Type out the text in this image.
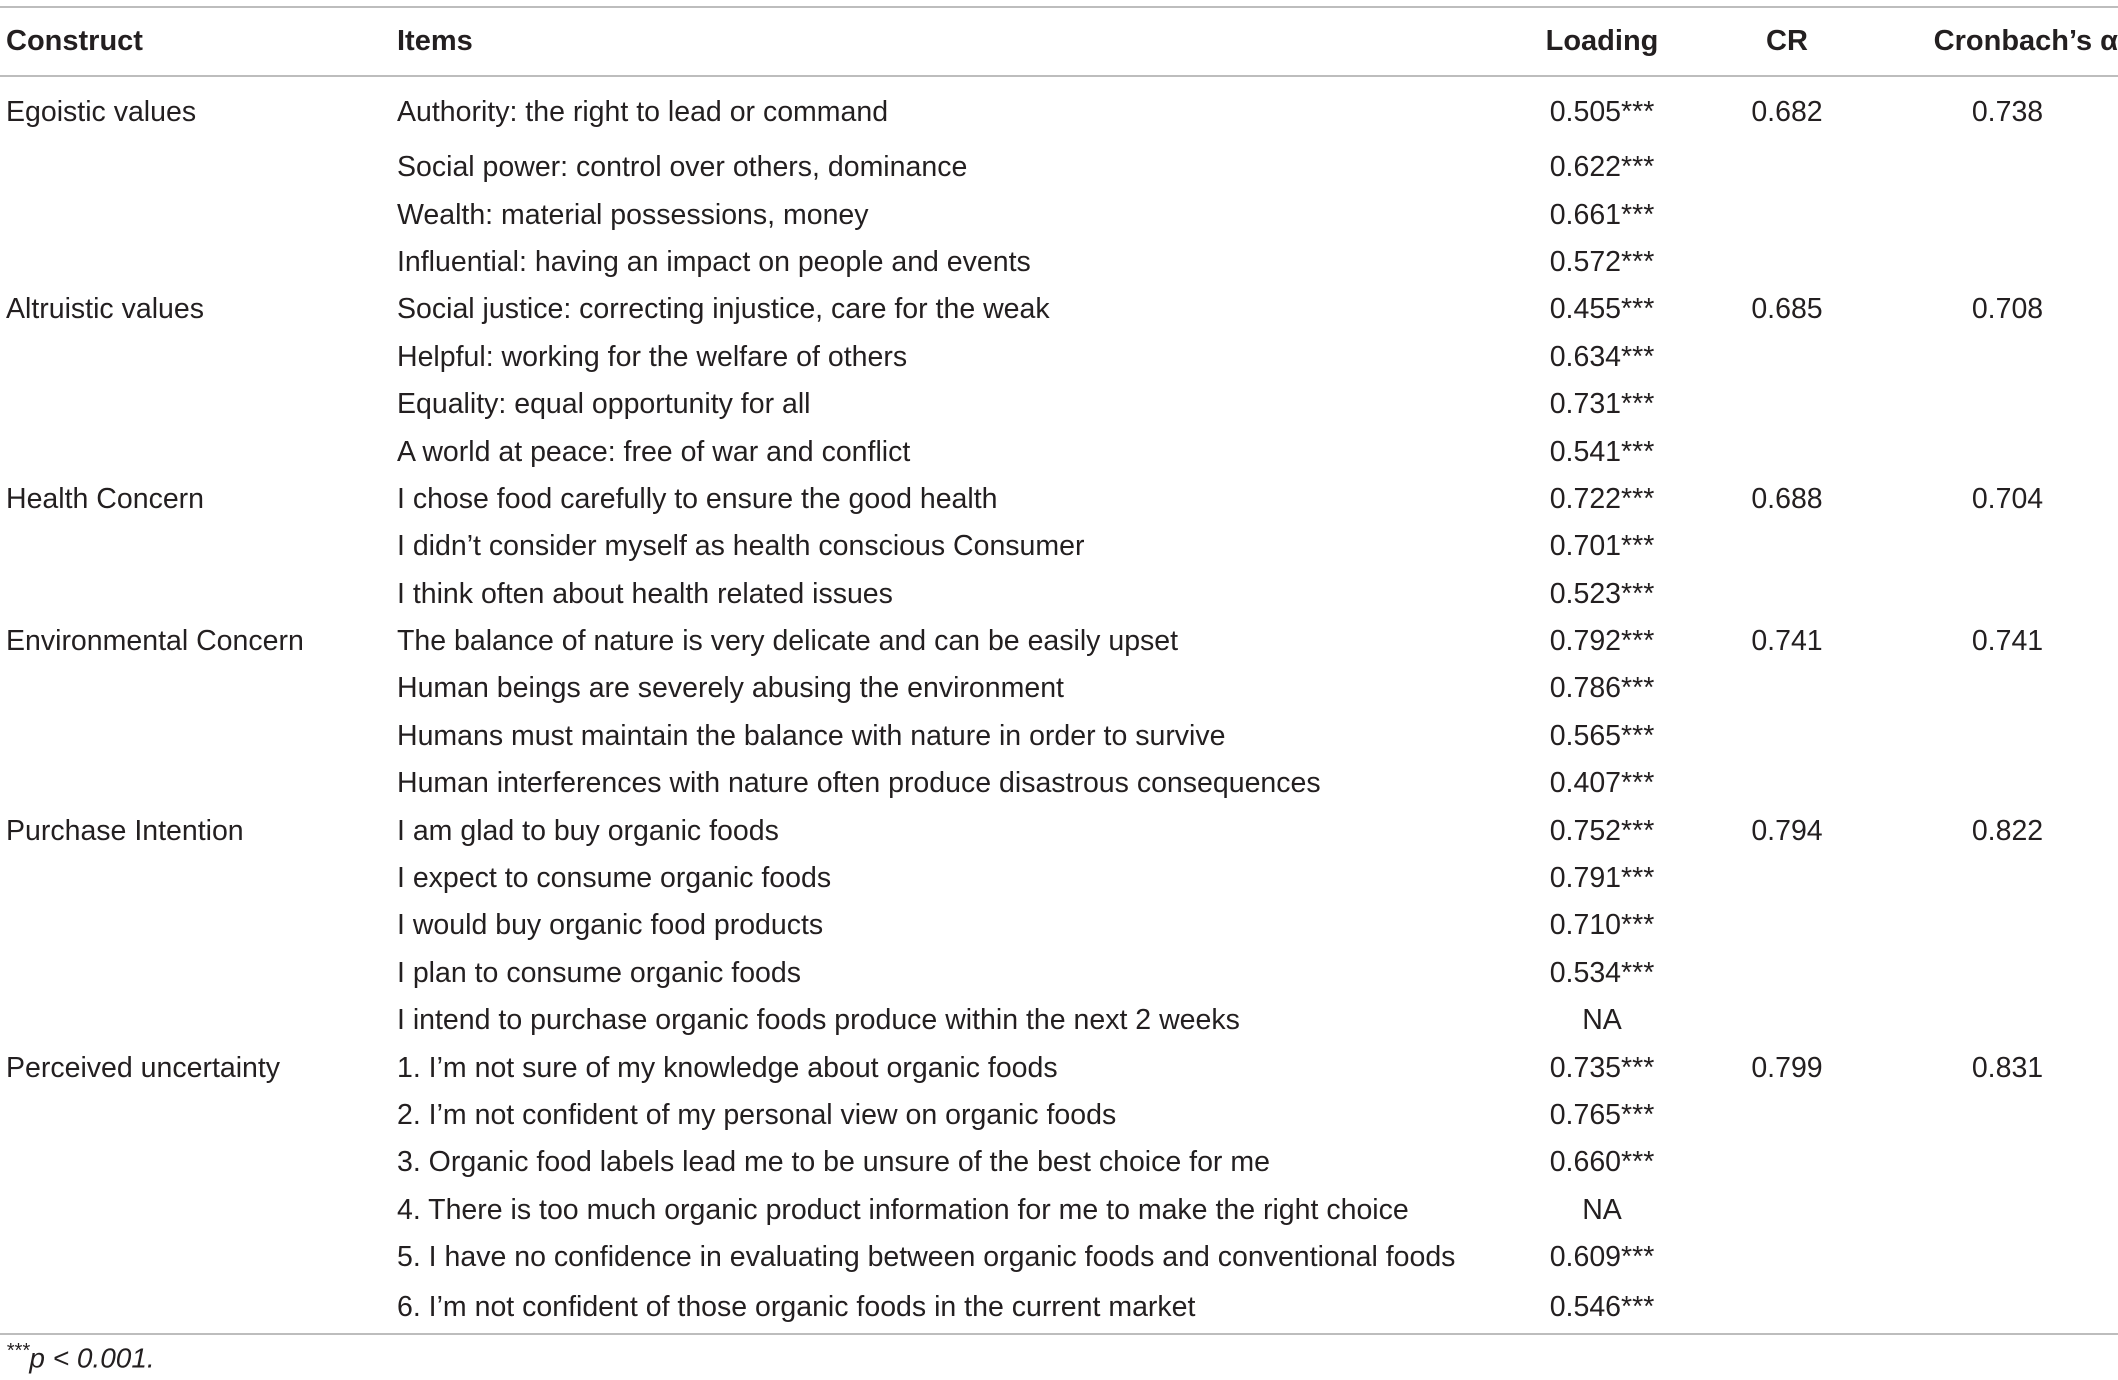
Construct	Items	Loading	CR	Cronbach’s α
Egoistic values	Authority: the right to lead or command	0.505***	0.682	0.738
	Social power: control over others, dominance	0.622***		
	Wealth: material possessions, money	0.661***		
	Influential: having an impact on people and events	0.572***		
Altruistic values	Social justice: correcting injustice, care for the weak	0.455***	0.685	0.708
	Helpful: working for the welfare of others	0.634***		
	Equality: equal opportunity for all	0.731***		
	A world at peace: free of war and conflict	0.541***		
Health Concern	I chose food carefully to ensure the good health	0.722***	0.688	0.704
	I didn’t consider myself as health conscious Consumer	0.701***		
	I think often about health related issues	0.523***		
Environmental Concern	The balance of nature is very delicate and can be easily upset	0.792***	0.741	0.741
	Human beings are severely abusing the environment	0.786***		
	Humans must maintain the balance with nature in order to survive	0.565***		
	Human interferences with nature often produce disastrous consequences	0.407***		
Purchase Intention	I am glad to buy organic foods	0.752***	0.794	0.822
	I expect to consume organic foods	0.791***		
	I would buy organic food products	0.710***		
	I plan to consume organic foods	0.534***		
	I intend to purchase organic foods produce within the next 2 weeks	NA		
Perceived uncertainty	1. I’m not sure of my knowledge about organic foods	0.735***	0.799	0.831
	2. I’m not confident of my personal view on organic foods	0.765***		
	3. Organic food labels lead me to be unsure of the best choice for me	0.660***		
	4. There is too much organic product information for me to make the right choice	NA		
	5. I have no confidence in evaluating between organic foods and conventional foods	0.609***		
	6. I’m not confident of those organic foods in the current market	0.546***		
***p < 0.001.
